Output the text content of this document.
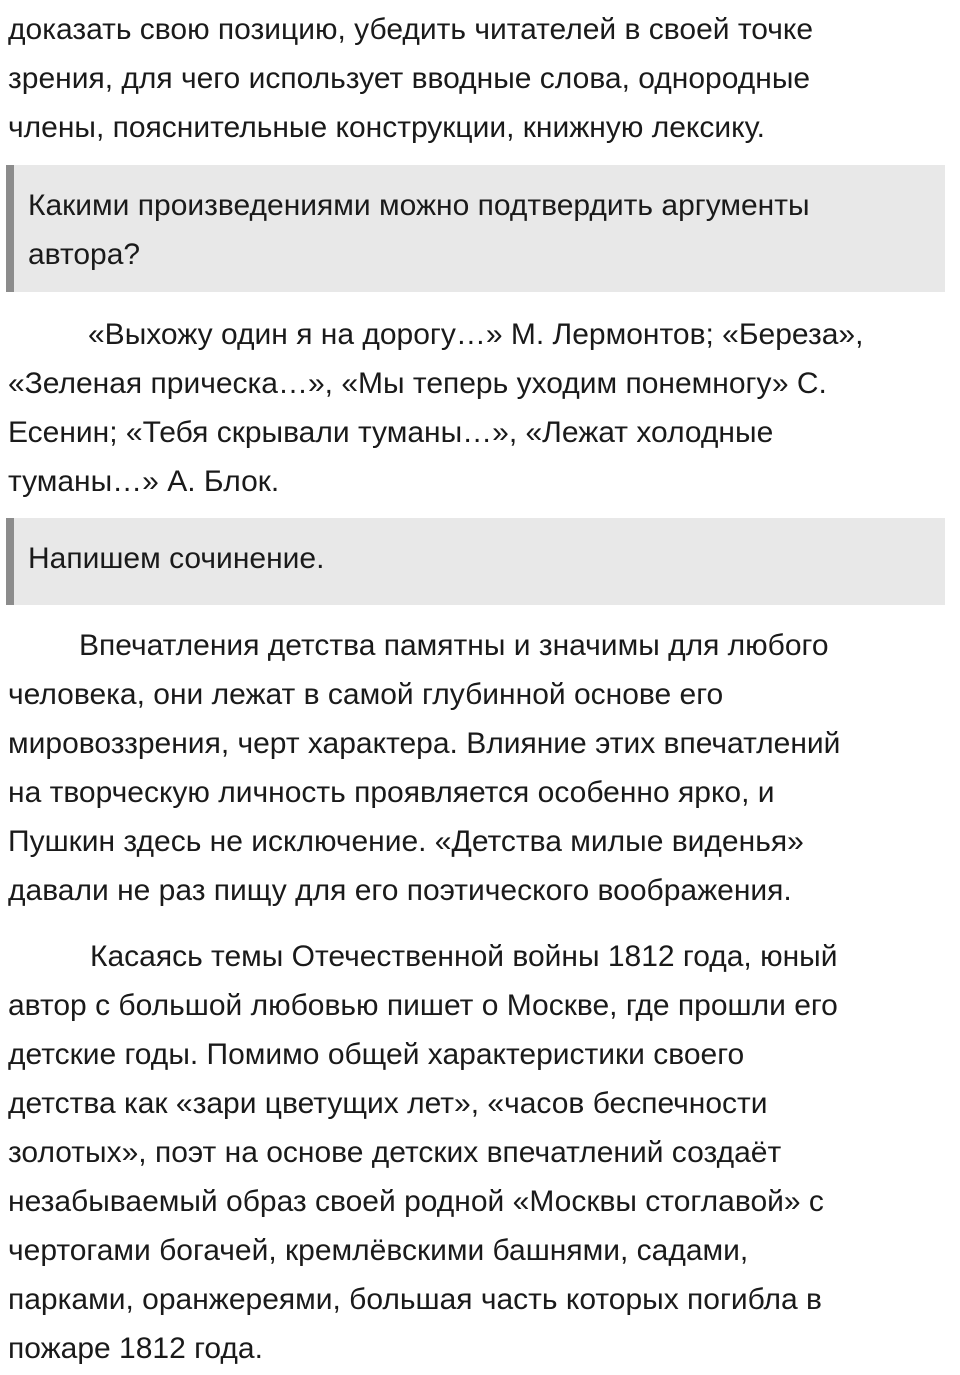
доказать свою позицию, убедить читателей в своей точке
зрения, для чего использует вводные слова, однородные
члены, пояснительные конструкции, книжную лексику.
Какими произведениями можно подтвердить аргументы
автора?
«Выхожу один я на дорогу…» М. Лермонтов; «Береза»,
«Зеленая прическа…», «Мы теперь уходим понемногу» С.
Есенин; «Тебя скрывали туманы…», «Лежат холодные
туманы…» А. Блок.
Напишем сочинение.
Впечатления детства памятны и значимы для любого
человека, они лежат в самой глубинной основе его
мировоззрения, черт характера. Влияние этих впечатлений
на творческую личность проявляется особенно ярко, и
Пушкин здесь не исключение. «Детства милые виденья»
давали не раз пищу для его поэтического воображения.
Касаясь темы Отечественной войны 1812 года, юный
автор с большой любовью пишет о Москве, где прошли его
детские годы. Помимо общей характеристики своего
детства как «зари цветущих лет», «часов беспечности
золотых», поэт на основе детских впечатлений создаёт
незабываемый образ своей родной «Москвы стоглавой» с
чертогами богачей, кремлёвскими башнями, садами,
парками, оранжереями, большая часть которых погибла в
пожаре 1812 года.
